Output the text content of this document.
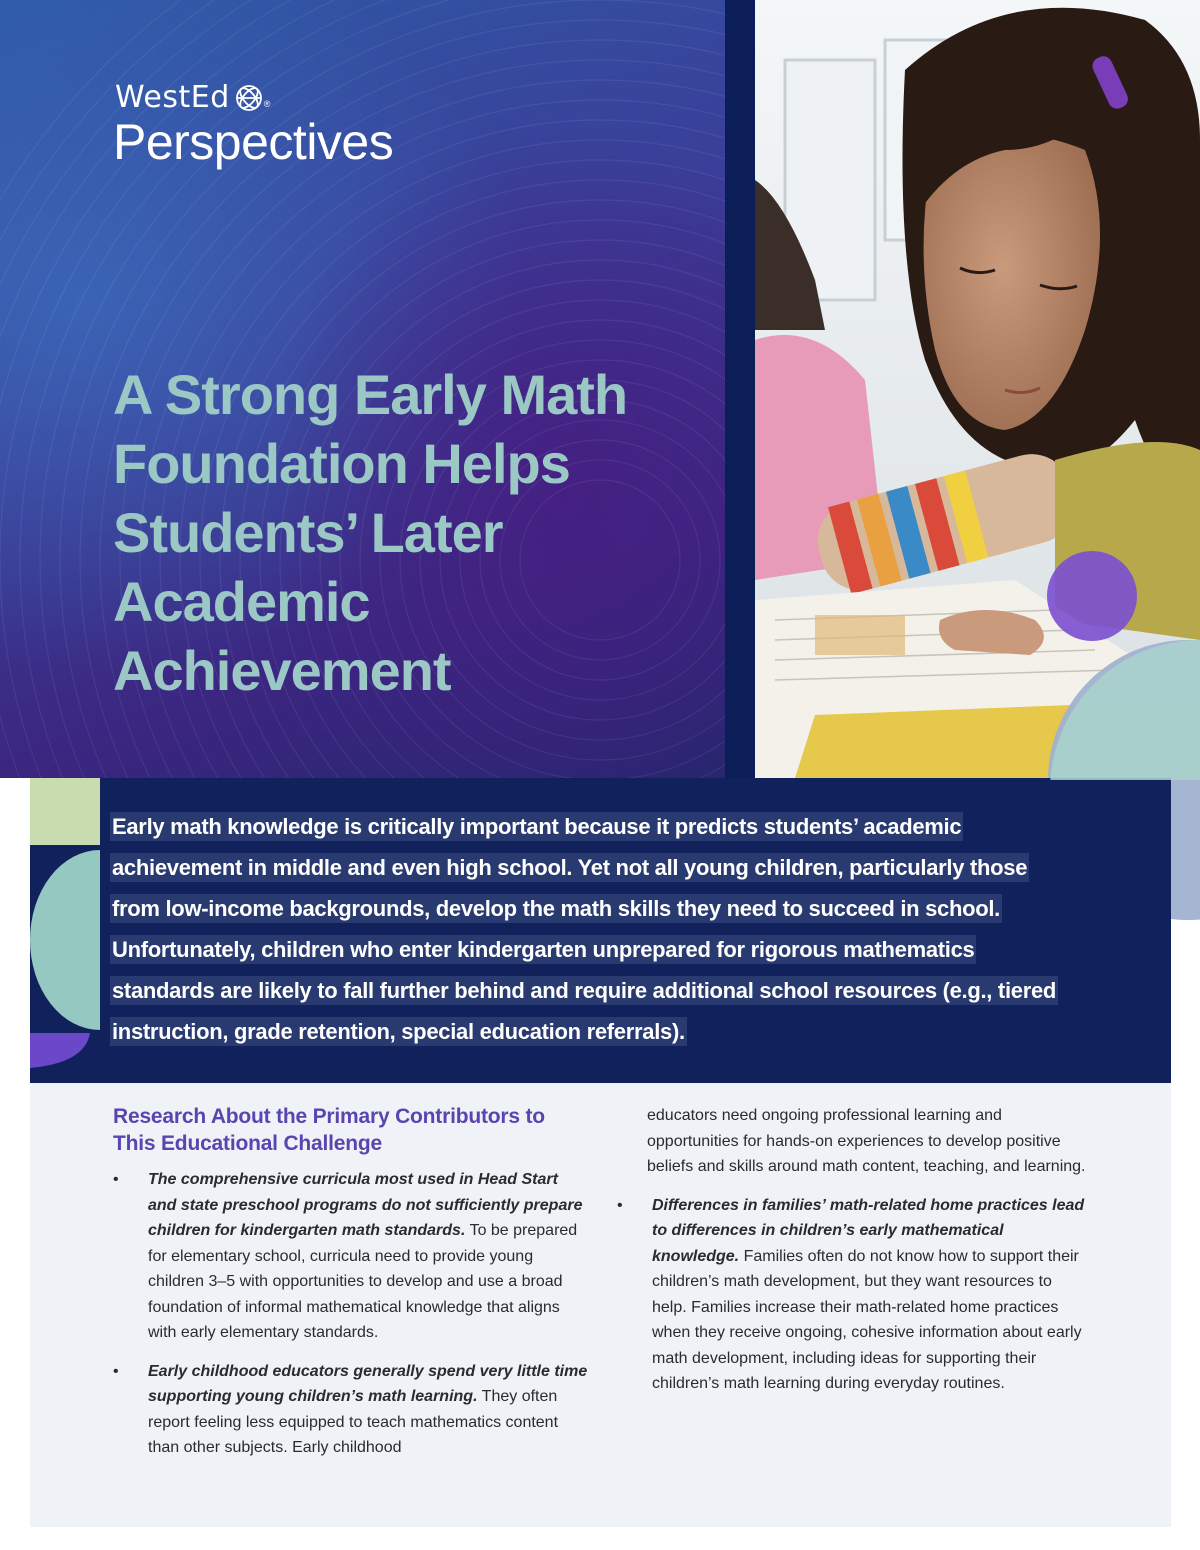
WestEd	®
Perspectives
A Strong Early Math Foundation Helps Students’ Later Academic Achievement

Early math knowledge is critically important because it predicts students’ academic achievement in middle and even high school. Yet not all young children, particularly those from low-income backgrounds, develop the math skills they need to succeed in school. Unfortunately, children who enter kindergarten unprepared for rigorous mathematics standards are likely to fall further behind and require additional school resources (e.g., tiered instruction, grade retention, special education referrals).

Research About the Primary Contributors to This Educational Challenge
•	The comprehensive curricula most used in Head Start and state preschool programs do not sufficiently prepare children for kindergarten math standards. To be prepared for elementary school, curricula need to provide young children 3–5 with opportunities to develop and use a broad foundation of informal mathematical knowledge that aligns with early elementary standards.
•	Early childhood educators generally spend very little time supporting young children’s math learning. They often report feeling less equipped to teach mathematics content than other subjects. Early childhood

educators need ongoing professional learning and opportunities for hands-on experiences to develop positive beliefs and skills around math content, teaching, and learning.

•	Differences in families’ math-related home practices lead to differences in children’s early mathematical knowledge. Families often do not know how to support their children’s math development, but they want resources to help. Families increase their math-related home practices when they receive ongoing, cohesive information about early math development, including ideas for supporting their children’s math learning during everyday routines.
